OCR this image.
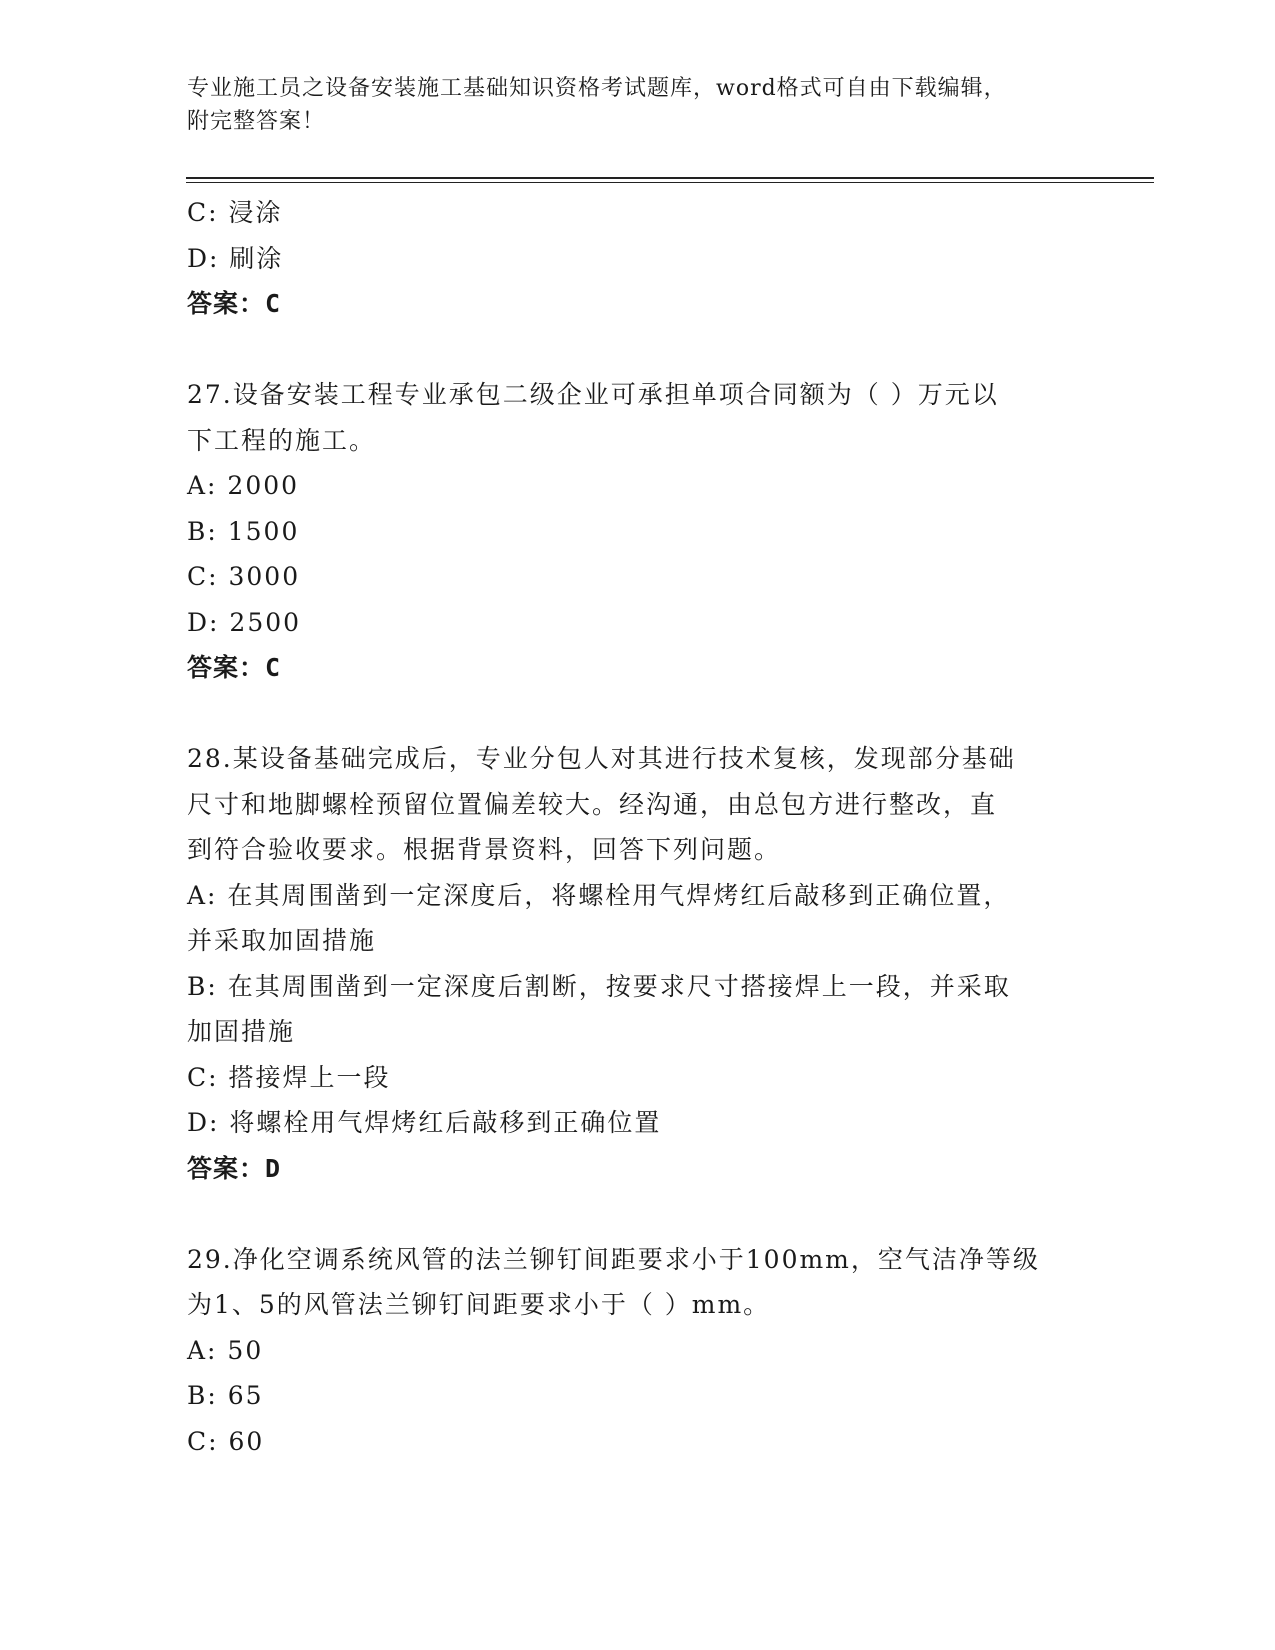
专业施工员之设备安装施工基础知识资格考试题库，word格式可自由下载编辑，
附完整答案！
C: 浸涂
D: 刷涂
答案：C
27.设备安装工程专业承包二级企业可承担单项合同额为（ ）万元以
下工程的施工。
A: 2000
B: 1500
C: 3000
D: 2500
答案：C
28.某设备基础完成后，专业分包人对其进行技术复核，发现部分基础
尺寸和地脚螺栓预留位置偏差较大。经沟通，由总包方进行整改，直
到符合验收要求。根据背景资料，回答下列问题。
A: 在其周围凿到一定深度后，将螺栓用气焊烤红后敲移到正确位置，
并采取加固措施
B: 在其周围凿到一定深度后割断，按要求尺寸搭接焊上一段，并采取
加固措施
C: 搭接焊上一段
D: 将螺栓用气焊烤红后敲移到正确位置
答案：D
29.净化空调系统风管的法兰铆钉间距要求小于100mm，空气洁净等级
为1、5的风管法兰铆钉间距要求小于（ ）mm。
A: 50
B: 65
C: 60
